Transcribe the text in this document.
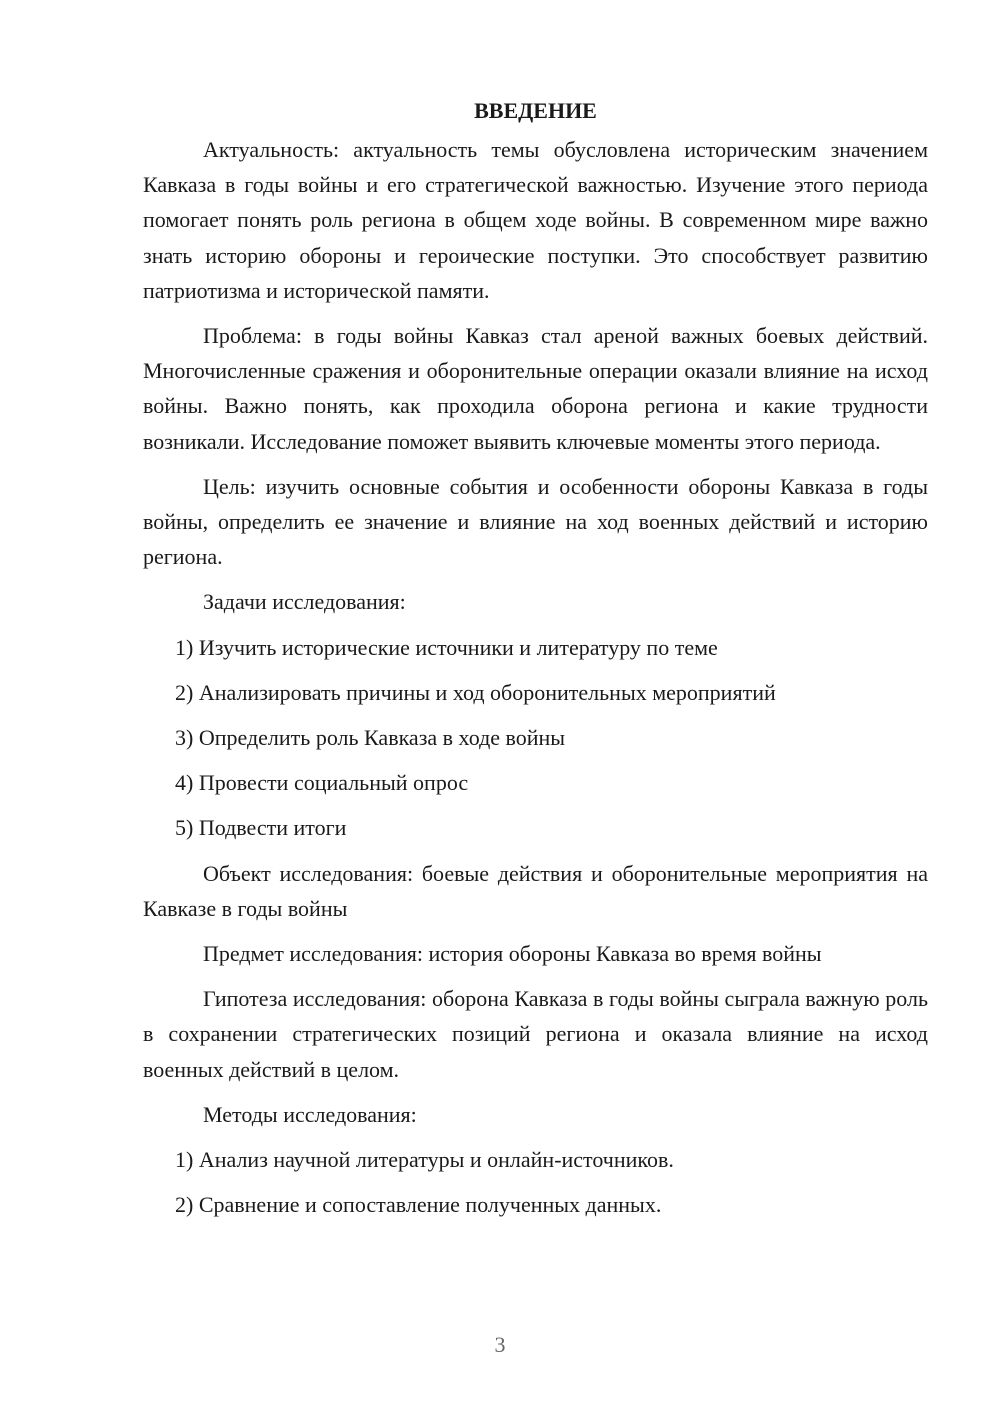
ВВЕДЕНИЕ

Актуальность: актуальность темы обусловлена историческим значением Кавказа в годы войны и его стратегической важностью. Изучение этого периода помогает понять роль региона в общем ходе войны. В современном мире важно знать историю обороны и героические поступки. Это способствует развитию патриотизма и исторической памяти.

Проблема: в годы войны Кавказ стал ареной важных боевых действий. Многочисленные сражения и оборонительные операции оказали влияние на исход войны. Важно понять, как проходила оборона региона и какие трудности возникали. Исследование поможет выявить ключевые моменты этого периода.

Цель: изучить основные события и особенности обороны Кавказа в годы войны, определить ее значение и влияние на ход военных действий и историю региона.

Задачи исследования:

1) Изучить исторические источники и литературу по теме
2) Анализировать причины и ход оборонительных мероприятий
3) Определить роль Кавказа в ходе войны
4) Провести социальный опрос
5) Подвести итоги

Объект исследования: боевые действия и оборонительные мероприятия на Кавказе в годы войны

Предмет исследования: история обороны Кавказа во время войны

Гипотеза исследования: оборона Кавказа в годы войны сыграла важную роль в сохранении стратегических позиций региона и оказала влияние на исход военных действий в целом.

Методы исследования:

1) Анализ научной литературы и онлайн-источников.
2) Сравнение и сопоставление полученных данных.
3
